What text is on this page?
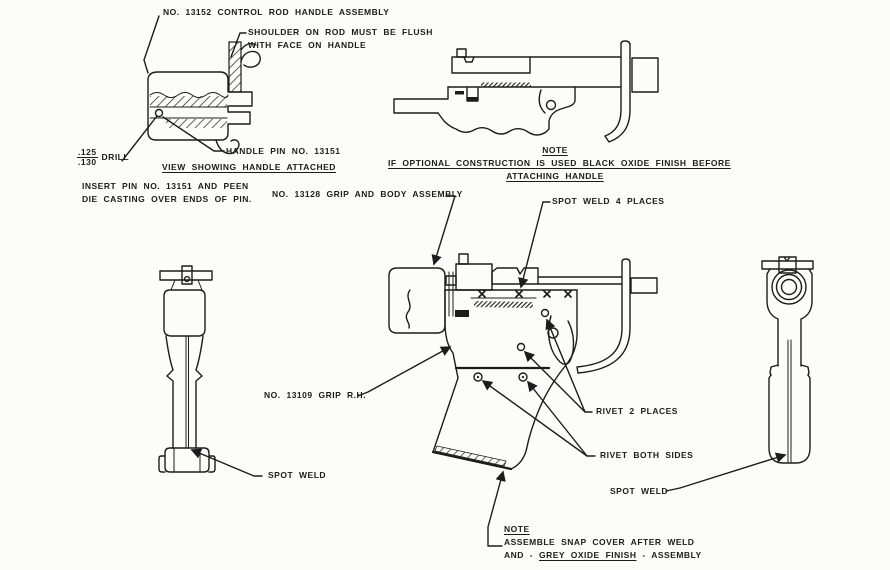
NO. 13152 CONTROL ROD HANDLE ASSEMBLY
SHOULDER ON ROD MUST BE FLUSH
WITH FACE ON HANDLE
HANDLE PIN NO. 13151
VIEW SHOWING HANDLE ATTACHED
$\frac{.125}{.130}$ DRILL
INSERT PIN NO. 13151 AND PEEN
DIE CASTING OVER ENDS OF PIN.
NOTE
IF OPTIONAL CONSTRUCTION IS USED BLACK OXIDE FINISH BEFORE
ATTACHING HANDLE
NO. 13128 GRIP AND BODY ASSEMBLY
SPOT WELD 4 PLACES
NO. 13109 GRIP R.H.
RIVET 2 PLACES
RIVET BOTH SIDES
SPOT WELD
SPOT WELD
NOTE
ASSEMBLE SNAP COVER AFTER WELD
AND - GREY OXIDE FINISH - ASSEMBLY
